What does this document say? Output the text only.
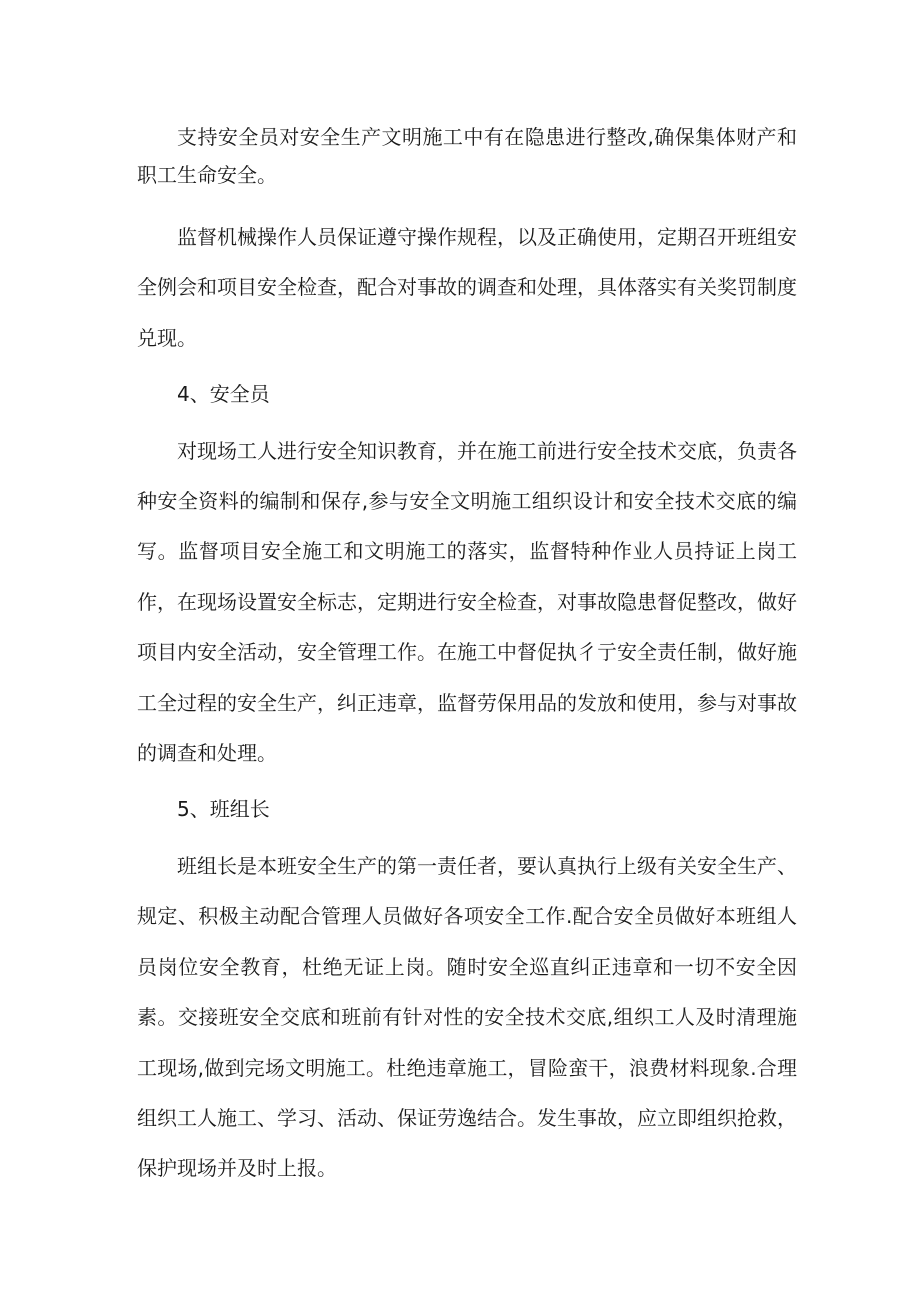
支持安全员对安全生产文明施工中有在隐患进行整改,确保集体财产和职工生命安全。

监督机械操作人员保证遵守操作规程，以及正确使用，定期召开班组安全例会和项目安全检查，配合对事故的调查和处理，具体落实有关奖罚制度兑现。

4、安全员

对现场工人进行安全知识教育，并在施工前进行安全技术交底，负责各种安全资料的编制和保存,参与安全文明施工组织设计和安全技术交底的编写。监督项目安全施工和文明施工的落实，监督特种作业人员持证上岗工作，在现场设置安全标志，定期进行安全检查，对事故隐患督促整改，做好项目内安全活动，安全管理工作。在施工中督促执彳亍安全责任制，做好施工全过程的安全生产，纠正违章，监督劳保用品的发放和使用，参与对事故的调查和处理。

5、班组长

班组长是本班安全生产的第一责任者，要认真执行上级有关安全生产、规定、积极主动配合管理人员做好各项安全工作.配合安全员做好本班组人员岗位安全教育，杜绝无证上岗。随时安全巡直纠正违章和一切不安全因素。交接班安全交底和班前有针对性的安全技术交底,组织工人及时清理施工现场,做到完场文明施工。杜绝违章施工，冒险蛮干，浪费材料现象.合理组织工人施工、学习、活动、保证劳逸结合。发生事故，应立即组织抢救，保护现场并及时上报。
